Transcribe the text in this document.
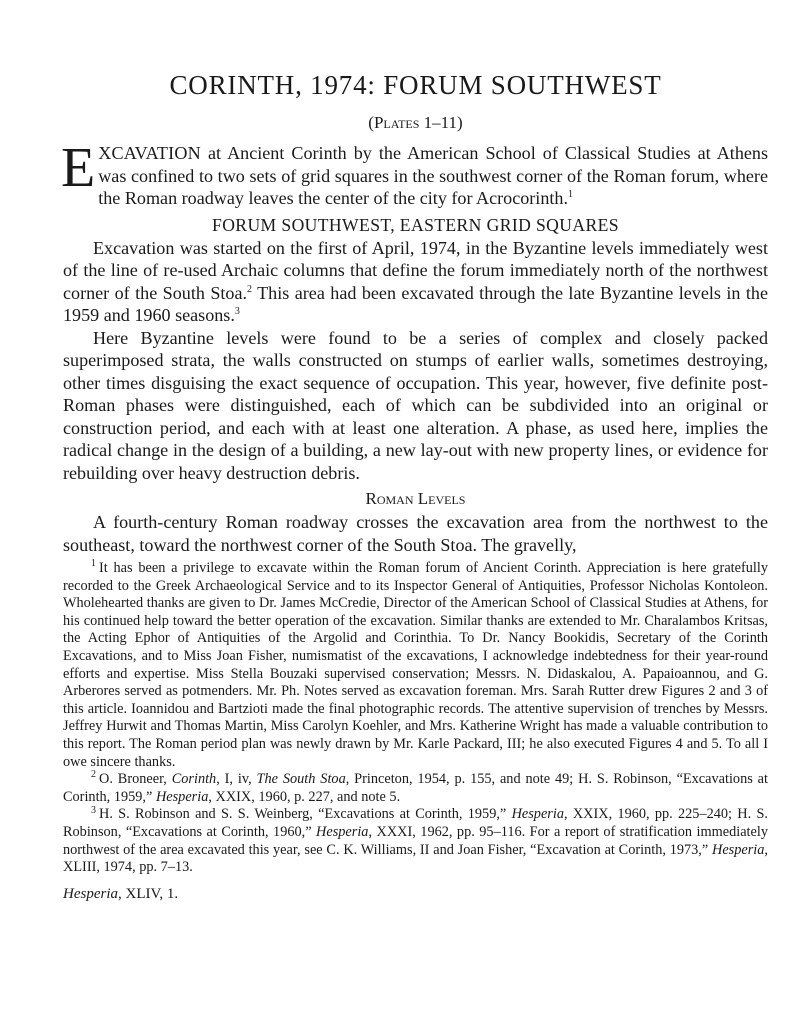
CORINTH, 1974: FORUM SOUTHWEST
(Plates 1–11)

EXCAVATION at Ancient Corinth by the American School of Classical Studies at Athens was confined to two sets of grid squares in the southwest corner of the Roman forum, where the Roman roadway leaves the center of the city for Acrocorinth.$^1$

FORUM SOUTHWEST, EASTERN GRID SQUARES

Excavation was started on the first of April, 1974, in the Byzantine levels immediately west of the line of re-used Archaic columns that define the forum immediately north of the northwest corner of the South Stoa.$^2$ This area had been excavated through the late Byzantine levels in the 1959 and 1960 seasons.$^3$

Here Byzantine levels were found to be a series of complex and closely packed superimposed strata, the walls constructed on stumps of earlier walls, sometimes destroying, other times disguising the exact sequence of occupation. This year, however, five definite post-Roman phases were distinguished, each of which can be subdivided into an original or construction period, and each with at least one alteration. A phase, as used here, implies the radical change in the design of a building, a new lay-out with new property lines, or evidence for rebuilding over heavy destruction debris.

Roman Levels

A fourth-century Roman roadway crosses the excavation area from the northwest to the southeast, toward the northwest corner of the South Stoa. The gravelly,

$^1$ It has been a privilege to excavate within the Roman forum of Ancient Corinth. Appreciation is here gratefully recorded to the Greek Archaeological Service and to its Inspector General of Antiquities, Professor Nicholas Kontoleon. Wholehearted thanks are given to Dr. James McCredie, Director of the American School of Classical Studies at Athens, for his continued help toward the better operation of the excavation. Similar thanks are extended to Mr. Charalambos Kritsas, the Acting Ephor of Antiquities of the Argolid and Corinthia. To Dr. Nancy Bookidis, Secretary of the Corinth Excavations, and to Miss Joan Fisher, numismatist of the excavations, I acknowledge indebtedness for their year-round efforts and expertise. Miss Stella Bouzaki supervised conservation; Messrs. N. Didaskalou, A. Papaioannou, and G. Arberores served as potmenders. Mr. Ph. Notes served as excavation foreman. Mrs. Sarah Rutter drew Figures 2 and 3 of this article. Ioannidou and Bartzioti made the final photographic records. The attentive supervision of trenches by Messrs. Jeffrey Hurwit and Thomas Martin, Miss Carolyn Koehler, and Mrs. Katherine Wright has made a valuable contribution to this report. The Roman period plan was newly drawn by Mr. Karle Packard, III; he also executed Figures 4 and 5. To all I owe sincere thanks.

$^2$ O. Broneer, Corinth, I, iv, The South Stoa, Princeton, 1954, p. 155, and note 49; H. S. Robinson, “Excavations at Corinth, 1959,” Hesperia, XXIX, 1960, p. 227, and note 5.

$^3$ H. S. Robinson and S. S. Weinberg, “Excavations at Corinth, 1959,” Hesperia, XXIX, 1960, pp. 225–240; H. S. Robinson, “Excavations at Corinth, 1960,” Hesperia, XXXI, 1962, pp. 95–116. For a report of stratification immediately northwest of the area excavated this year, see C. K. Williams, II and Joan Fisher, “Excavation at Corinth, 1973,” Hesperia, XLIII, 1974, pp. 7–13.

Hesperia, XLIV, 1.
